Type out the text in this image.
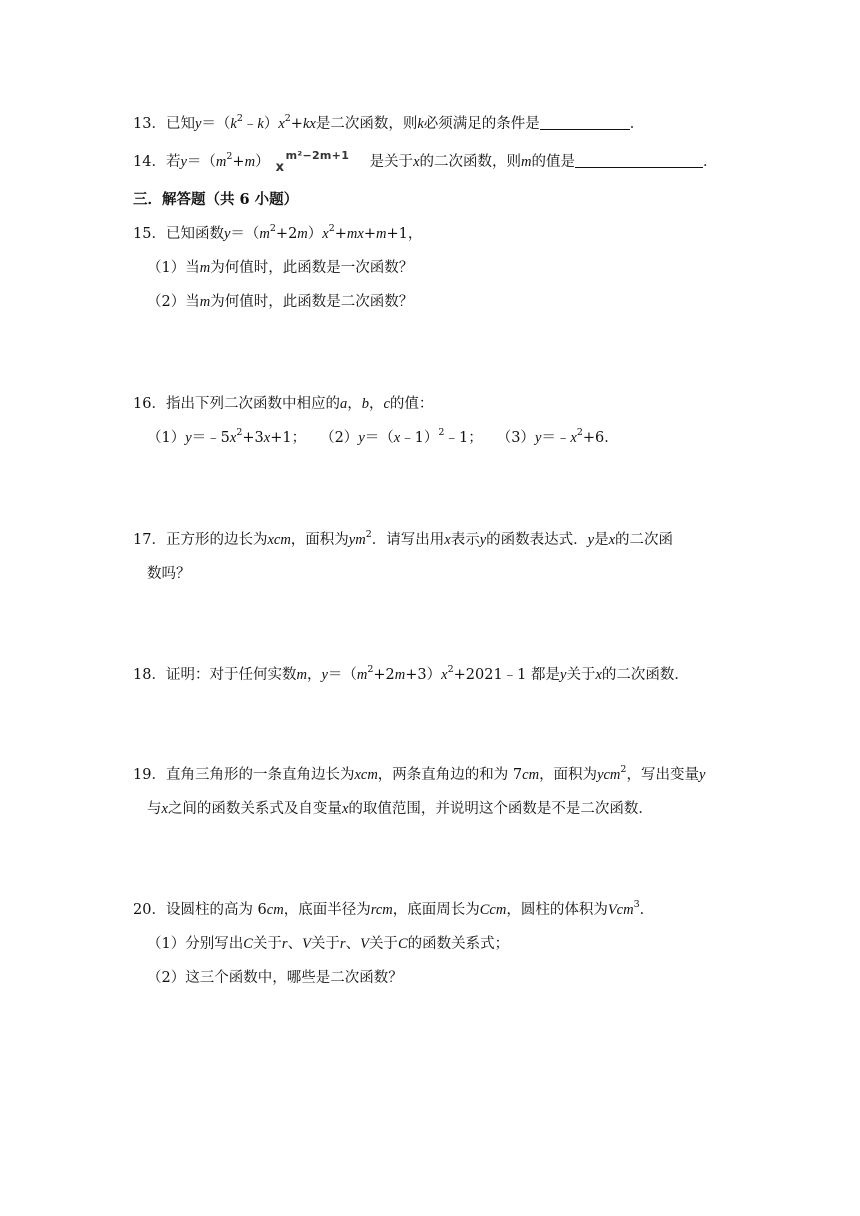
13．已知$y=(k^2﹣k)x^2+kx$是二次函数，则k必须满足的条件是	．
14．若$y=(m^2+m)$ x
m²−2m+1 是关于x的二次函数，则m的值是	．
三．解答题（共 6 小题）
15．已知函数$y=(m^2+2m)x^2+mx+m+1$，
（1）当m为何值时，此函数是一次函数？
（2）当m为何值时，此函数是二次函数？
16．指出下列二次函数中相应的a，b，c的值：
$(1)y=﹣5x^2+3x+1$； （2）y＝（x﹣1）$^2$﹣1； $(3)y=﹣x^2+6$．
17．正方形的边长为xcm，面积为$ym^2$．请写出用x表示y的函数表达式．y是x的二次函
数吗？
18．证明：对于任何实数m，$y=(m^2+2m+3)x^2+2021﹣1$ 都是y关于x的二次函数．
19．直角三角形的一条直角边长为xcm，两条直角边的和为 7cm，面积为ycm$^2$，写出变量y
与x之间的函数关系式及自变量x的取值范围，并说明这个函数是不是二次函数．
20．设圆柱的高为 6cm，底面半径为rcm，底面周长为Ccm，圆柱的体积为Vcm$^3$．
（1）分别写出C关于r、V关于r、V关于C的函数关系式；
（2）这三个函数中，哪些是二次函数？
